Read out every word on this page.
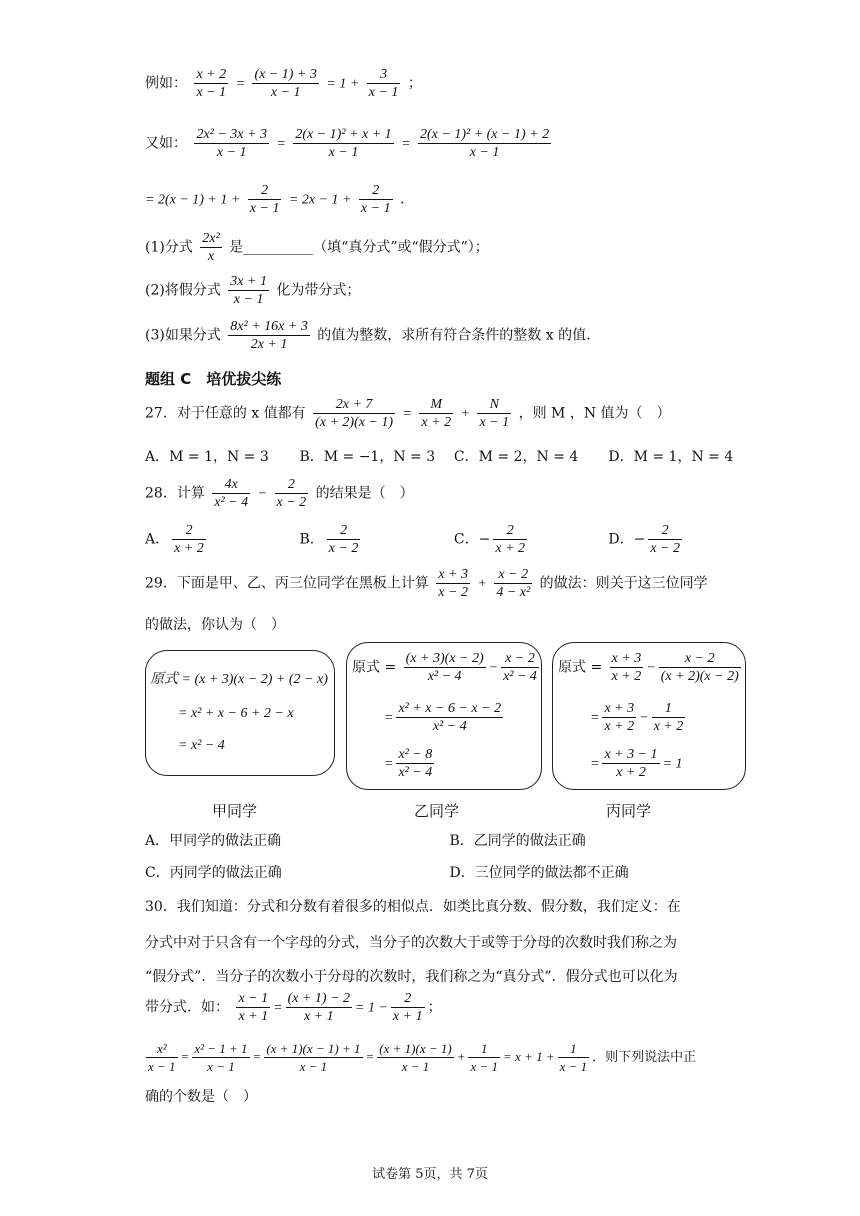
例如： $\frac{x + 2}{x - 1} = \frac{(x - 1) + 3}{x - 1} = 1 + \frac{3}{x - 1}$ ；
又如： $\frac{\text{2x² − 3x + 3}}{x - 1} = \frac{\text{2(x − 1)² + x + 1}}{x - 1} = \frac{\text{2(x − 1)² + (x − 1) + 2}}{x - 1}$
= $2(x - 1) + 1 + \frac{2}{x - 1} = 2x - 1 + \frac{2}{x - 1}$ .
(1)分式 $\frac{\text{2x²}}{x}$ 是__________（填“真分式”或“假分式”）；
(2)将假分式 $\frac{3x + 1}{x - 1}$ 化为带分式；
(3)如果分式 $\frac{\text{8x² + 16x + 3}}{2x + 1}$ 的值为整数，求所有符合条件的整数 x 的值.
题组 C　培优拔尖练
27．对于任意的 x 值都有 $\frac{2x + 7}{(x + 2)(x - 1)} = \frac{M}{x + 2} + \frac{N}{x - 1}$ ，则 M ，N 值为（　）
A．M = 1，N = 3 B．M = −1，N = 3 C．M = 2，N = 4 D．M = 1，N = 4
28．计算 $\frac{4x}{\text{x² − 4}} - \frac{2}{x - 2}$ 的结果是（　）
A． $\frac{2}{x + 2}$	B． $\frac{2}{x - 2}$	C．− $\frac{2}{x + 2}$	D．− $\frac{2}{x - 2}$
29．下面是甲、乙、丙三位同学在黑板上计算 $\frac{x + 3}{x - 2} + \frac{x - 2}{\text{4 − x²}}$ 的做法：则关于这三位同学
的做法，你认为（　）
原式 = (x + 3)(x − 2) + (2 − x)
= x² + x − 6 + 2 − x
= x² − 4
原式 = $\frac{(x + 3)(x - 2)}{\text{x² − 4}} - \frac{x - 2}{\text{x² − 4}}$
= $\frac{\text{x² + x − 6 − x − 2}}{\text{x² − 4}}$
= $\frac{\text{x² − 8}}{\text{x² − 4}}$
原式 = $\frac{x + 3}{x + 2} - \frac{x - 2}{(x + 2)(x - 2)}$
= $\frac{x + 3}{x + 2} - \frac{1}{x + 2}$
= $\frac{x + 3 - 1}{x + 2} = 1$
甲同学	乙同学	丙同学
A．甲同学的做法正确	B．乙同学的做法正确
C．丙同学的做法正确	D．三位同学的做法都不正确
30．我们知道：分式和分数有着很多的相似点．如类比真分数、假分数，我们定义：在
分式中对于只含有一个字母的分式，当分子的次数大于或等于分母的次数时我们称之为
“假分式”．当分子的次数小于分母的次数时，我们称之为“真分式”．假分式也可以化为
带分式．如： $\frac{x - 1}{x + 1} = \frac{(x + 1) - 2}{x + 1} = 1 - \frac{2}{x + 1}$ ；
$\frac{\text{x²}}{x - 1} = \frac{\text{x² − 1 + 1}}{x - 1} = \frac{(x + 1)(x - 1) + 1}{x - 1} = \frac{(x + 1)(x - 1)}{x - 1} + \frac{1}{x - 1} = x + 1 + \frac{1}{x - 1}$ ．则下列说法中正
确的个数是（　）
试卷第 5页，共 7页
